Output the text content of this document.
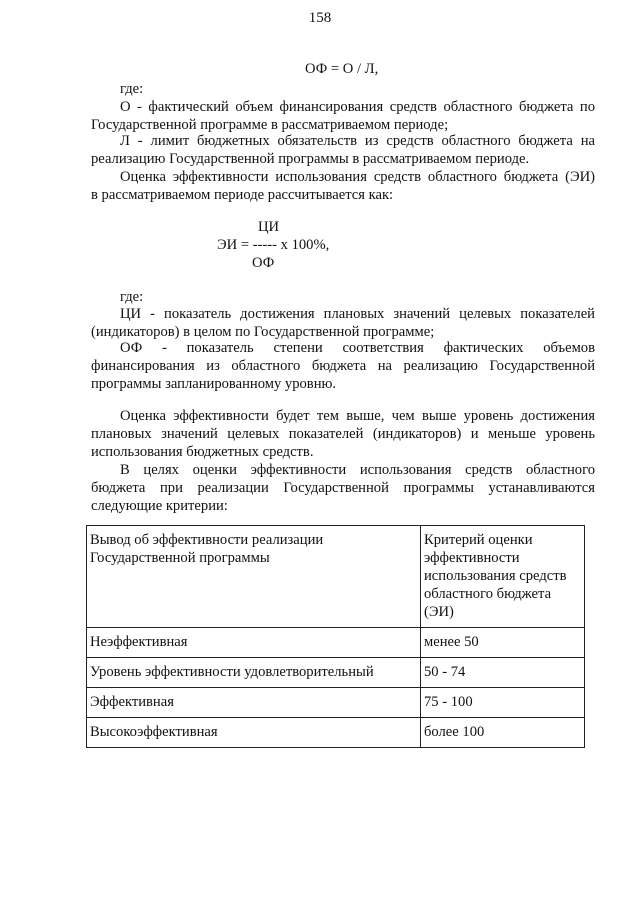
158
ОФ = О / Л,
где:
О - фактический объем финансирования средств областного бюджета по
Государственной программе в рассматриваемом периоде;
Л - лимит бюджетных обязательств из средств областного бюджета на
реализацию Государственной программы в рассматриваемом периоде.
Оценка эффективности использования средств областного бюджета (ЭИ)
в рассматриваемом периоде рассчитывается как:
ЦИ
ЭИ = ----- x 100%,
ОФ
где:
ЦИ - показатель достижения плановых значений целевых показателей
(индикаторов) в целом по Государственной программе;
ОФ - показатель степени соответствия фактических объемов
финансирования из областного бюджета на реализацию Государственной
программы запланированному уровню.
Оценка эффективности будет тем выше, чем выше уровень достижения
плановых значений целевых показателей (индикаторов) и меньше уровень
использования бюджетных средств.
В целях оценки эффективности использования средств областного
бюджета при реализации Государственной программы устанавливаются
следующие критерии:
Вывод об эффективности реализации Государственной программы	Критерий оценки эффективности использования средств областного бюджета (ЭИ)
Неэффективная	менее 50
Уровень эффективности удовлетворительный	50 - 74
Эффективная	75 - 100
Высокоэффективная	более 100
